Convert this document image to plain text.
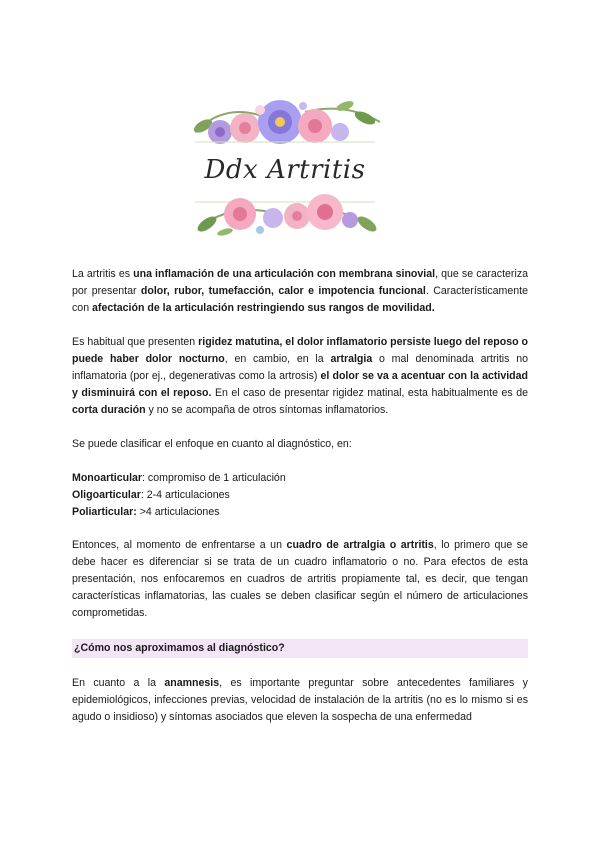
Ddx Artritis

La artritis es una inflamación de una articulación con membrana sinovial, que se caracteriza por presentar dolor, rubor, tumefacción, calor e impotencia funcional. Característicamente con afectación de la articulación restringiendo sus rangos de movilidad.

Es habitual que presenten rigidez matutina, el dolor inflamatorio persiste luego del reposo o puede haber dolor nocturno, en cambio, en la artralgia o mal denominada artritis no inflamatoria (por ej., degenerativas como la artrosis) el dolor se va a acentuar con la actividad y disminuirá con el reposo. En el caso de presentar rigidez matinal, esta habitualmente es de corta duración y no se acompaña de otros síntomas inflamatorios.

Se puede clasificar el enfoque en cuanto al diagnóstico, en:

Monoarticular: compromiso de 1 articulación
Oligoarticular: 2-4 articulaciones
Poliarticular: >4 articulaciones

Entonces, al momento de enfrentarse a un cuadro de artralgia o artritis, lo primero que se debe hacer es diferenciar si se trata de un cuadro inflamatorio o no. Para efectos de esta presentación, nos enfocaremos en cuadros de artritis propiamente tal, es decir, que tengan características inflamatorias, las cuales se deben clasificar según el número de articulaciones comprometidas.

¿Cómo nos aproximamos al diagnóstico?

En cuanto a la anamnesis, es importante preguntar sobre antecedentes familiares y epidemiológicos, infecciones previas, velocidad de instalación de la artritis (no es lo mismo si es agudo o insidioso) y síntomas asociados que eleven la sospecha de una enfermedad
